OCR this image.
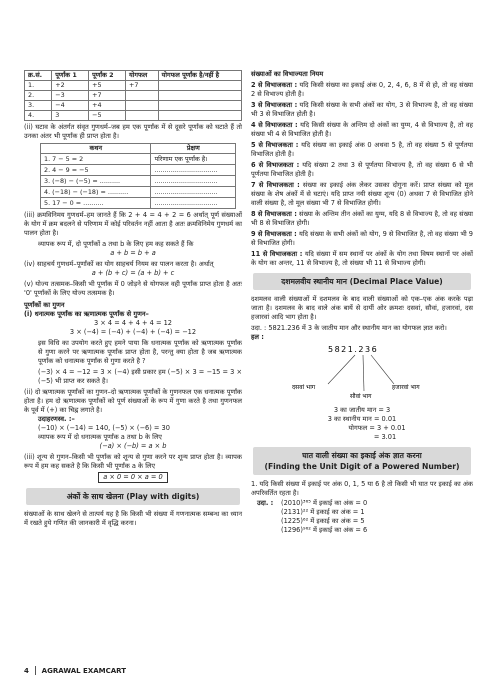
क्र.सं.	पूर्णांक 1	पूर्णांक 2	योगफल	योगफल पूर्णांक है/नहीं है
1.	+2	+5	+7	
2.	−3	+7		
3.	−4	+4		
4.	3	−5		
(ii) घटाव के अंतर्गत संवृत गुणधर्म–जब हम एक पूर्णांक में से दूसरे पूर्णांक को घटाते हैं तो उनका अंतर भी पूर्णांक ही प्राप्त होता है।
कथन	प्रेक्षण
1. 7 − 5 = 2	परिणाम एक पूर्णांक है।
2. 4 − 9 = −5	...............................
3. (−8) − (−5) = ..........	...............................
4. (−18) − (−18) = ..........	...............................
5. 17 − 0 = ..........	...............................
(iii) क्रमविनिमय गुणधर्म–हम जानते हैं कि 2 + 4 = 4 + 2 = 6 अर्थात् पूर्ण संख्याओं के योग में क्रम बदलने से परिणाम में कोई परिवर्तन नहीं आता है अतः क्रमविनिमेय गुणधर्म का पालन होता है।
व्यापक रूप में, दो पूर्णांकों a तथा b के लिए हम कह सकते हैं कि
a + b = b + a
(iv) साहचर्य गुणधर्म–पूर्णांकों का योग साहचर्य नियम का पालन करता है। अर्थात्
a + (b + c) = (a + b) + c
(v) योज्य तत्समक–किसी भी पूर्णांक में 0 जोड़ने से योगफल वही पूर्णांक प्राप्त होता है अतः '0' पूर्णांकों के लिए योज्य तत्समक है।
पूर्णांकों का गुणन
(i) धनात्मक पूर्णांक का ऋणात्मक पूर्णांक से गुणन–
3 × 4 = 4 + 4 + 4 = 12
3 × (−4) = (−4) + (−4) + (−4) = −12
इस विधि का उपयोग करते हुए हमने पाया कि धनात्मक पूर्णांक को ऋणात्मक पूर्णांक से गुणा करने पर ऋणात्मक पूर्णांक प्राप्त होता है, परन्तु क्या होता है जब ऋणात्मक पूर्णांक को धनात्मक पूर्णांक से गुणा करते है ?
(−3) × 4 = −12 = 3 × (−4) इसी प्रकार हम (−5) × 3 = −15 = 3 × (−5) भी प्राप्त कर सकते है।
(ii) दो ऋणात्मक पूर्णांकों का गुणन–दो ऋणात्मक पूर्णांकों के गुणनफल एक धनात्मक पूर्णांक होता है। हम दो ऋणात्मक पूर्णांकों को पूर्ण संख्याओं के रूप में गुणा करते है तथा गुणनफल के पूर्व में (+) का चिह्न लगाते है।
उदाहरणस्व. :–
(−10) × (−14) = 140, (−5) × (−6) = 30
व्यापक रूप में दो धनात्मक पूर्णांक a तथा b के लिए
(−a) × (−b) = a × b
(iii) शून्य से गुणन–किसी भी पूर्णांक को शून्य से गुणा करने पर शून्य प्राप्त होता है। व्यापक रूप में हम कह सकते है कि किसी भी पूर्णांक a के लिए
a × 0 = 0 × a = 0
अंकों के साथ खेलना (Play with digits)
संख्याओं के साथ खेलने से तात्पर्य यह है कि किसी भी संख्या में गणनात्मक सम्बन्ध का ध्यान में रखते हुये गणित की जानकारी में वृद्धि करना।
संख्याओं का विभाज्यता नियम
2 से विभाजकता : यदि किसी संख्या का इकाई अंक 0, 2, 4, 6, 8 में से हो, तो वह संख्या 2 से विभाज्य होती है।
3 से विभाजकता : यदि किसी संख्या के सभी अंकों का योग, 3 से विभाज्य है, तो वह संख्या भी 3 से विभाजित होती है।
4 से विभाजकता : यदि किसी संख्या के अन्तिम दो अंकों का युग्म, 4 से विभाज्य है, तो वह संख्या भी 4 से विभाजित होती है।
5 से विभाजकता : यदि संख्या का इकाई अंक 0 अथवा 5 है, तो वह संख्या 5 से पूर्णतया विभाजित होती है।
6 से विभाजकता : यदि संख्या 2 तथा 3 से पूर्णतया विभाज्य है, तो वह संख्या 6 से भी पूर्णतया विभाजित होती है।
7 से विभाजकता : संख्या का इकाई अंक लेकर उसका दोगुना करें। प्राप्त संख्या को मूल संख्या के शेष अंकों में से घटाएं। यदि प्राप्त नयी संख्या शून्य (0) अथवा 7 से विभाजित होने वाली संख्या है, तो मूल संख्या भी 7 से विभाजित होगी।
8 से विभाजकता : संख्या के अन्तिम तीन अंकों का युग्म, यदि 8 से विभाज्य है, तो वह संख्या भी 8 से विभाजित होगी।
9 से विभाजकता : यदि संख्या के सभी अंकों को योग, 9 से विभाजित है, तो वह संख्या भी 9 से विभाजित होगी।
11 से विभाजकता : यदि संख्या में सम स्थानों पर अंकों के योग तथा विषम स्थानों पर अंकों के योग का अन्तर, 11 से विभाज्य है, तो संख्या भी 11 से विभाज्य होगी।
दशमलवीय स्थानीय मान (Decimal Place Value)
दशमलव वाली संख्याओं में दशमलव के बाद वाली संख्याओं को एक–एक अंक करके पढ़ा जाता है। दशमलव के बाद वाले अंक बायें से दायीं ओर क्रमशः दसवां, सौवां, हजारवां, दस हजारवां आदि भाग होता है।
उदा. : 5821.236 में 3 के जातीय मान और स्थानीय मान का योगफल ज्ञात करो।
हल :
5821.236
दसवां भाग
सौवां भाग
हजारवां भाग
3 का जातीय मान = 3
3 का स्थानीय मान = 0.01
योगफल = 3 + 0.01
= 3.01
घात वाली संख्या का इकाई अंक ज्ञात करना
(Finding the Unit Digit of a Powered Number)
1. यदि किसी संख्या में इकाई पर अंक 0, 1, 5 या 6 है तो किसी भी घात पर इकाई का अंक अपरिवर्तित रहता है।
उदा. :	(2010)³⁶⁵ में इकाई का अंक = 0
(2131)²² में इकाई का अंक = 1
(1225)⁶² में इकाई का अंक = 5
(1296)⁹⁶² में इकाई का अंक = 6
4 AGRAWAL EXAMCART
